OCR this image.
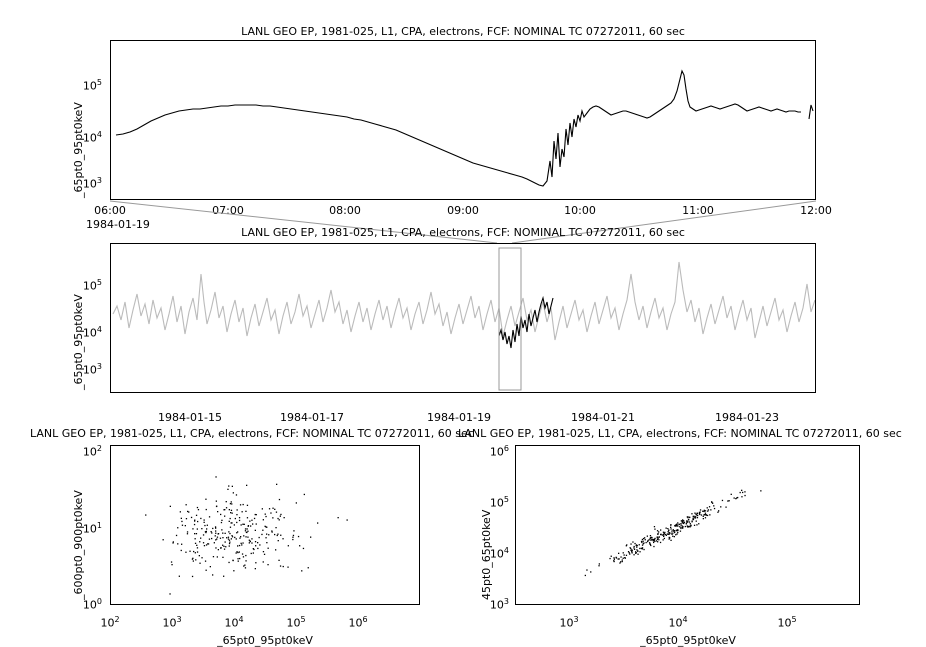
LANL GEO EP, 1981-025, L1, CPA, electrons, FCF: NOMINAL TC 07272011, 60 sec
_65pt0_95pt0keV
$10^3$
$10^4$
$10^5$
06:00	07:00	08:00	09:00	10:00	11:00	12:00
1984-01-19
LANL GEO EP, 1981-025, L1, CPA, electrons, FCF: NOMINAL TC 07272011, 60 sec
_65pt0_95pt0keV
$10^3$
$10^4$
$10^5$
1984-01-15	1984-01-17	1984-01-19	1984-01-21	1984-01-23
LANL GEO EP, 1981-025, L1, CPA, electrons, FCF: NOMINAL TC 07272011, 60 sec
_600pt0_900pt0keV
$10^0$
$10^1$
$10^2$
$10^2$	$10^3$	$10^4$	$10^5$	$10^6$
_65pt0_95pt0keV
LANL GEO EP, 1981-025, L1, CPA, electrons, FCF: NOMINAL TC 07272011, 60 sec
45pt0_65pt0keV
$10^3$
$10^4$
$10^5$
$10^6$
$10^3$	$10^4$	$10^5$
_65pt0_95pt0keV
